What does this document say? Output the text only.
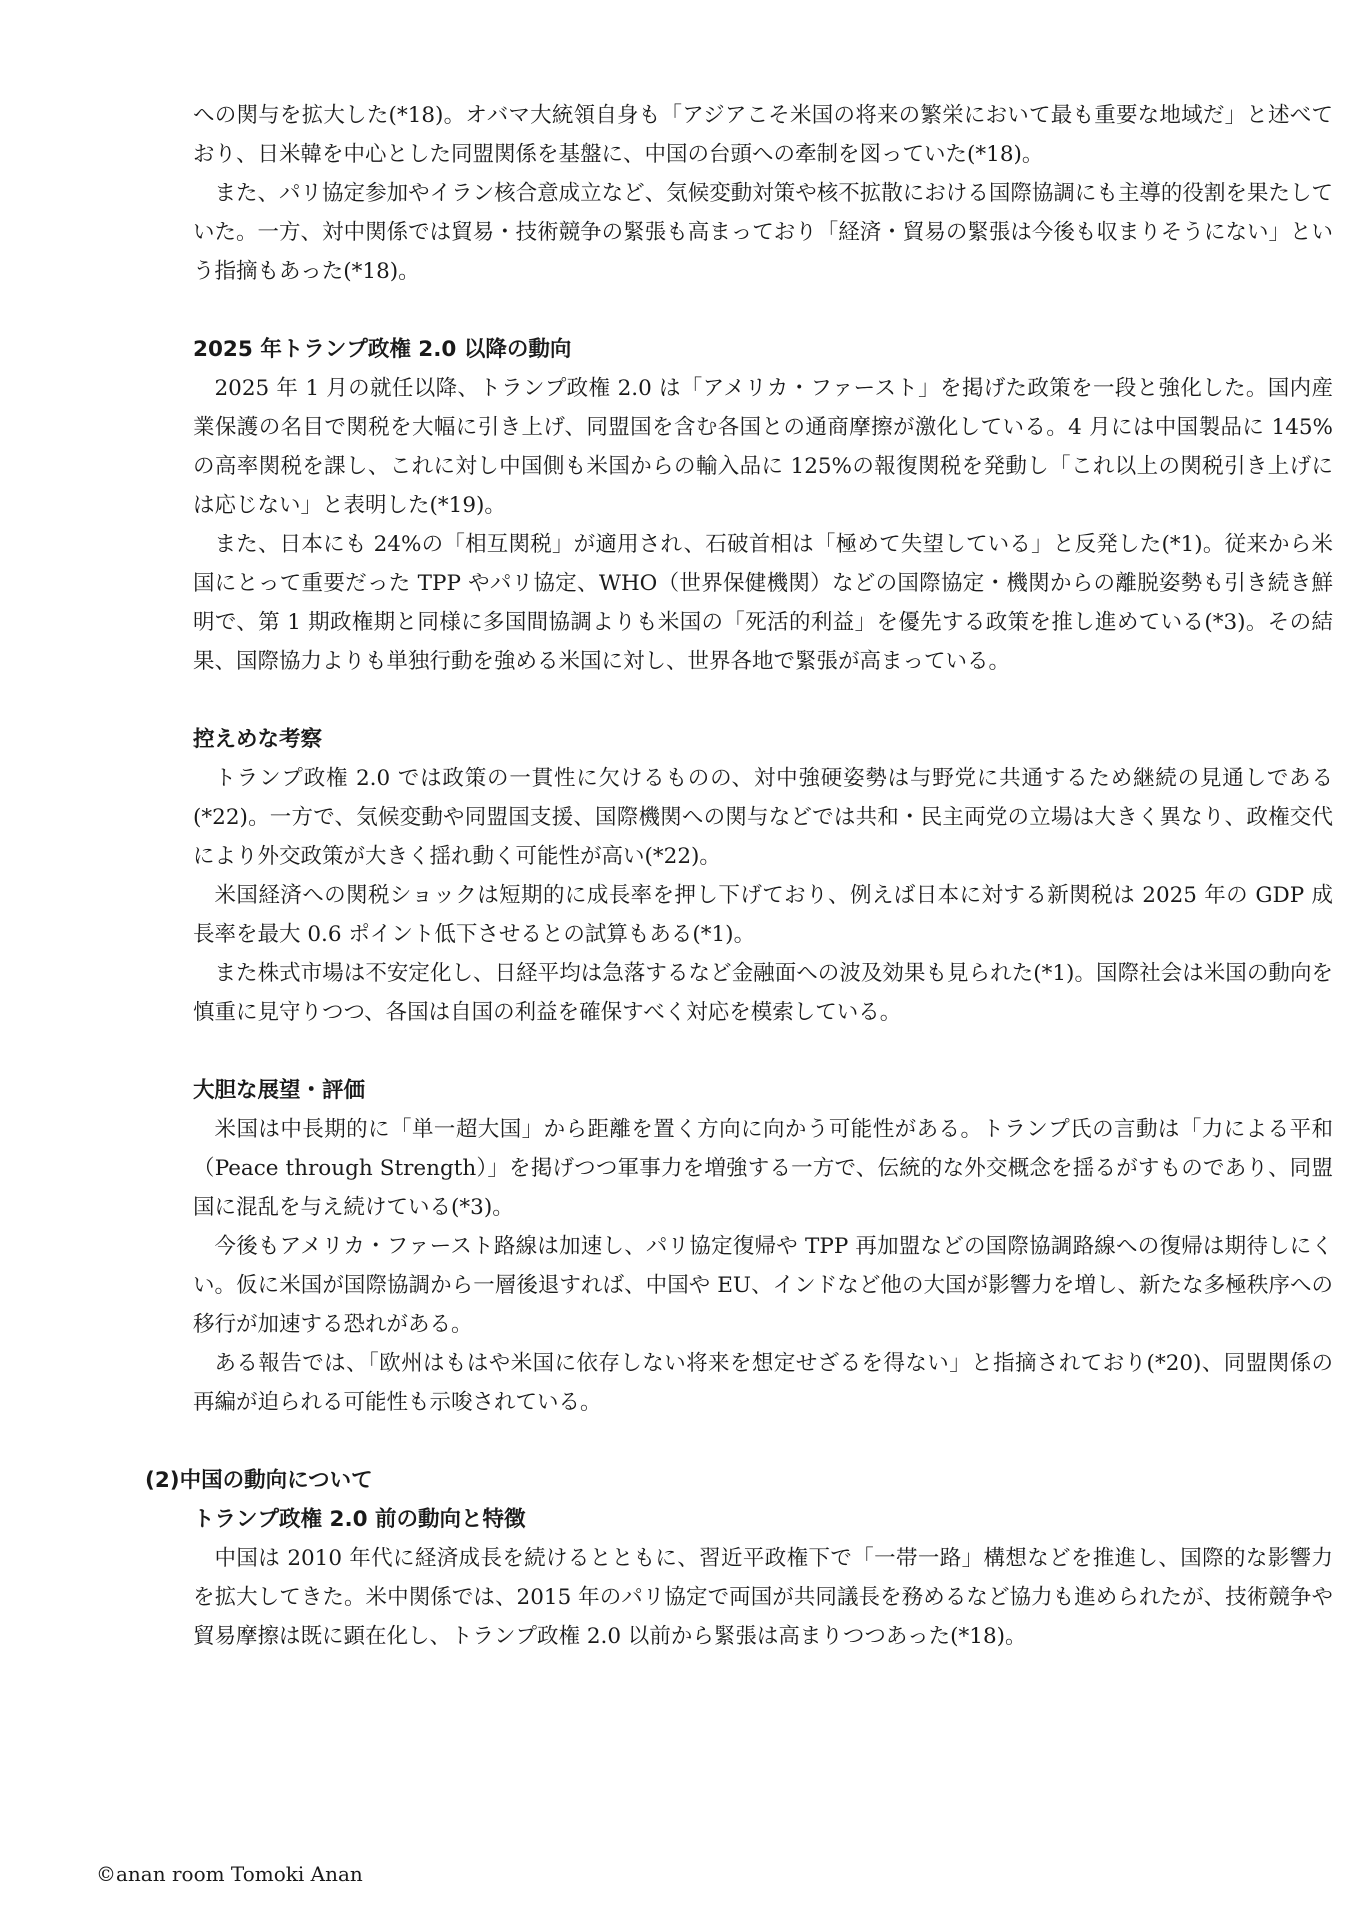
への関与を拡大した(*18)。オバマ大統領自身も「アジアこそ米国の将来の繁栄において最も重要な地域だ」と述べており、日米韓を中心とした同盟関係を基盤に、中国の台頭への牽制を図っていた(*18)。

また、パリ協定参加やイラン核合意成立など、気候変動対策や核不拡散における国際協調にも主導的役割を果たしていた。一方、対中関係では貿易・技術競争の緊張も高まっており「経済・貿易の緊張は今後も収まりそうにない」という指摘もあった(*18)。

2025 年トランプ政権 2.0 以降の動向

2025 年 1 月の就任以降、トランプ政権 2.0 は「アメリカ・ファースト」を掲げた政策を一段と強化した。国内産業保護の名目で関税を大幅に引き上げ、同盟国を含む各国との通商摩擦が激化している。4 月には中国製品に 145%の高率関税を課し、これに対し中国側も米国からの輸入品に 125%の報復関税を発動し「これ以上の関税引き上げには応じない」と表明した(*19)。

また、日本にも 24%の「相互関税」が適用され、石破首相は「極めて失望している」と反発した(*1)。従来から米国にとって重要だった TPP やパリ協定、WHO（世界保健機関）などの国際協定・機関からの離脱姿勢も引き続き鮮明で、第 1 期政権期と同様に多国間協調よりも米国の「死活的利益」を優先する政策を推し進めている(*3)。その結果、国際協力よりも単独行動を強める米国に対し、世界各地で緊張が高まっている。

控えめな考察

トランプ政権 2.0 では政策の一貫性に欠けるものの、対中強硬姿勢は与野党に共通するため継続の見通しである(*22)。一方で、気候変動や同盟国支援、国際機関への関与などでは共和・民主両党の立場は大きく異なり、政権交代により外交政策が大きく揺れ動く可能性が高い(*22)。

米国経済への関税ショックは短期的に成長率を押し下げており、例えば日本に対する新関税は 2025 年の GDP 成長率を最大 0.6 ポイント低下させるとの試算もある(*1)。

また株式市場は不安定化し、日経平均は急落するなど金融面への波及効果も見られた(*1)。国際社会は米国の動向を慎重に見守りつつ、各国は自国の利益を確保すべく対応を模索している。

大胆な展望・評価

米国は中長期的に「単一超大国」から距離を置く方向に向かう可能性がある。トランプ氏の言動は「力による平和（Peace through Strength）」を掲げつつ軍事力を増強する一方で、伝統的な外交概念を揺るがすものであり、同盟国に混乱を与え続けている(*3)。

今後もアメリカ・ファースト路線は加速し、パリ協定復帰や TPP 再加盟などの国際協調路線への復帰は期待しにくい。仮に米国が国際協調から一層後退すれば、中国や EU、インドなど他の大国が影響力を増し、新たな多極秩序への移行が加速する恐れがある。

ある報告では、「欧州はもはや米国に依存しない将来を想定せざるを得ない」と指摘されており(*20)、同盟関係の再編が迫られる可能性も示唆されている。

(2)中国の動向について
トランプ政権 2.0 前の動向と特徴

中国は 2010 年代に経済成長を続けるとともに、習近平政権下で「一帯一路」構想などを推進し、国際的な影響力を拡大してきた。米中関係では、2015 年のパリ協定で両国が共同議長を務めるなど協力も進められたが、技術競争や貿易摩擦は既に顕在化し、トランプ政権 2.0 以前から緊張は高まりつつあった(*18)。

©anan room Tomoki Anan
